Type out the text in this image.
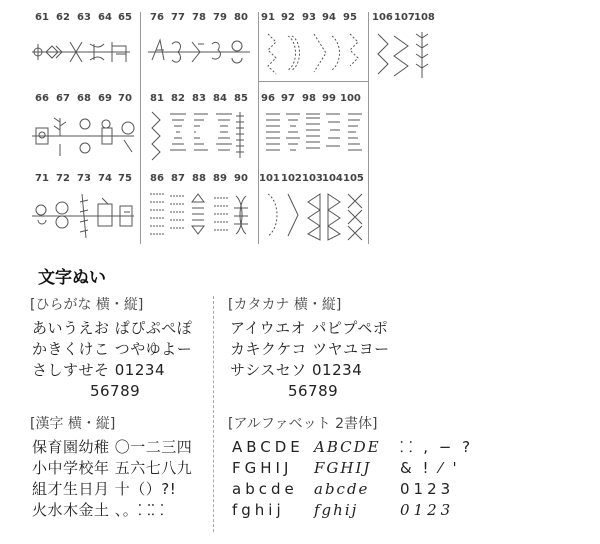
61 62 63 64 65 76 77 78 79 80 91 92 93 94 95 106 107 108
66 67 68 69 70 81 82 83 84 85 96 97 98 99 100
71 72 73 74 75 86 87 88 89 90 101 102 103 104 105
文字ぬい
[ひらがな 横・縦]
あいうえお ぱぴぷぺぽ
かきくけこ つやゆよー
さしすせそ 01234
56789
[カタカナ 横・縦]
アイウエオ パピプペポ
カキクケコ ツヤユヨー
サシスセソ 01234
56789
[漢字 横・縦]
保育園幼稚 〇一二三四
小中学校年 五六七八九
組才生日月 十（）?!
火水木金土 、。⸬⸬
[アルファベット 2書体]
ABCDE
FGHIJ
abcde
fghij
ABCDE
FGHIJ
abcde
fghij
⸬ , − ?
& ! ⁄ '
0123
0123
